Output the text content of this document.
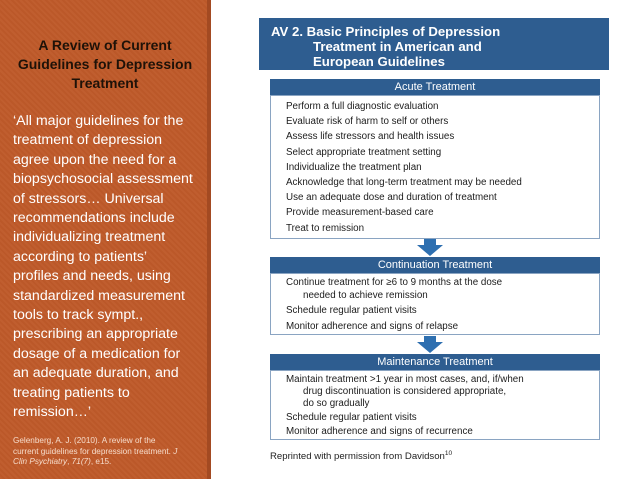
A Review of Current
Guidelines for Depression
Treatment
‘All major guidelines for the
treatment of depression
agree upon the need for a
biopsychosocial assessment
of stressors… Universal
recommendations include
individualizing treatment
according to patients’
profiles and needs, using
standardized measurement
tools to track sympt.,
prescribing an appropriate
dosage of a medication for
an adequate duration, and
treating patients to
remission…’
Gelenberg, A. J. (2010). A review of the
current guidelines for depression treatment. J
Clin Psychiatry, 71(7), e15.
AV 2. Basic Principles of Depression
Treatment in American and
European Guidelines
Acute Treatment
Perform a full diagnostic evaluation
Evaluate risk of harm to self or others
Assess life stressors and health issues
Select appropriate treatment setting
Individualize the treatment plan
Acknowledge that long-term treatment may be needed
Use an adequate dose and duration of treatment
Provide measurement-based care
Treat to remission
Continuation Treatment
Continue treatment for ≥6 to 9 months at the dose
needed to achieve remission
Schedule regular patient visits
Monitor adherence and signs of relapse
Maintenance Treatment
Maintain treatment >1 year in most cases, and, if/when
drug discontinuation is considered appropriate,
do so gradually
Schedule regular patient visits
Monitor adherence and signs of recurrence
Reprinted with permission from Davidson$^{10}$
